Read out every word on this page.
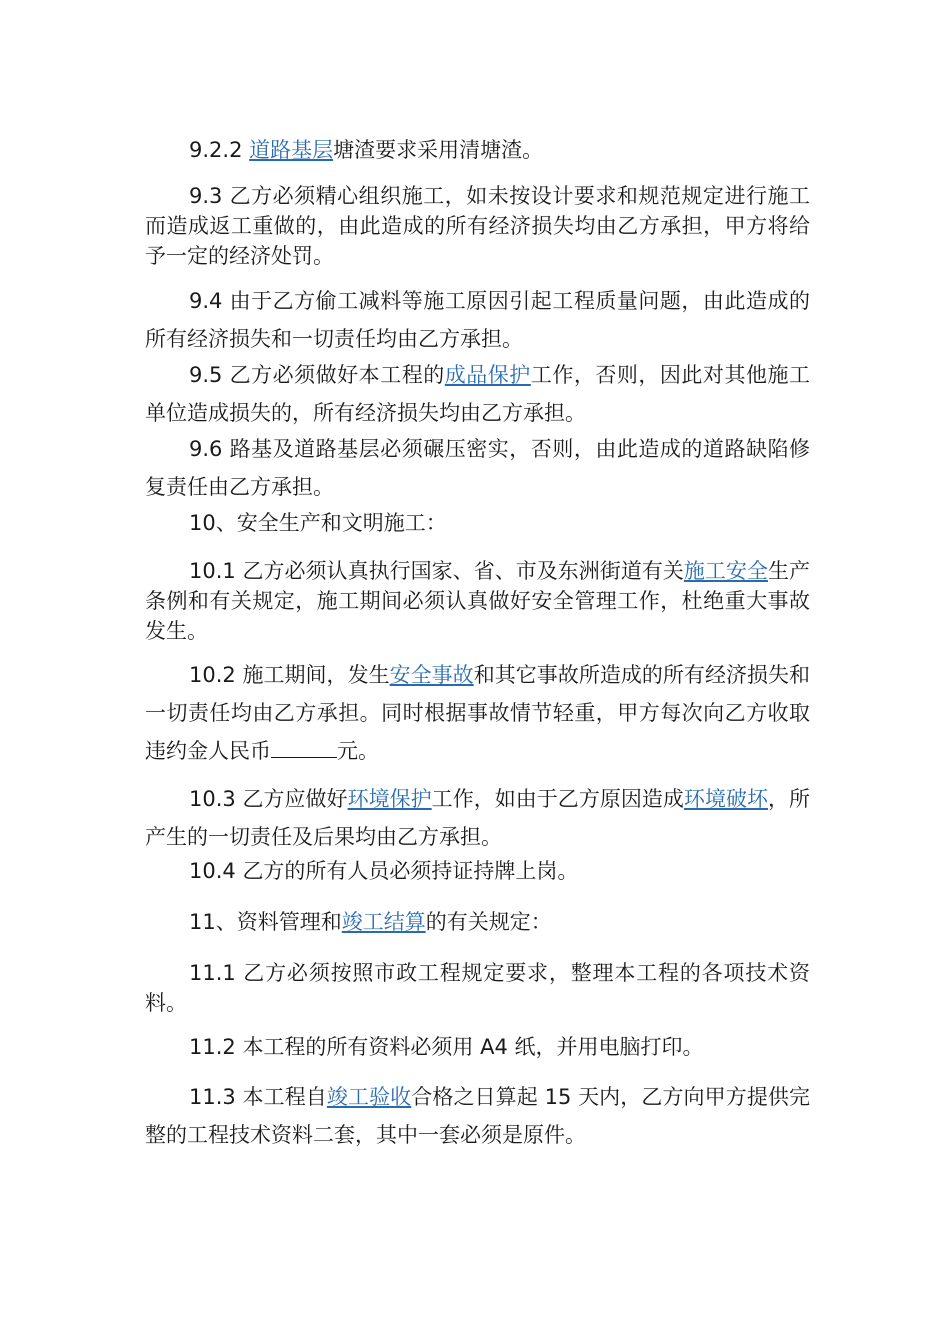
9.2.2 道路基层塘渣要求采用清塘渣。

9.3 乙方必须精心组织施工，如未按设计要求和规范规定进行施工而造成返工重做的，由此造成的所有经济损失均由乙方承担，甲方将给予一定的经济处罚。

9.4 由于乙方偷工减料等施工原因引起工程质量问题，由此造成的所有经济损失和一切责任均由乙方承担。

9.5 乙方必须做好本工程的成品保护工作，否则，因此对其他施工单位造成损失的，所有经济损失均由乙方承担。

9.6 路基及道路基层必须碾压密实，否则，由此造成的道路缺陷修复责任由乙方承担。

10、安全生产和文明施工：

10.1 乙方必须认真执行国家、省、市及东洲街道有关施工安全生产条例和有关规定，施工期间必须认真做好安全管理工作，杜绝重大事故发生。

10.2 施工期间，发生安全事故和其它事故所造成的所有经济损失和一切责任均由乙方承担。同时根据事故情节轻重，甲方每次向乙方收取违约金人民币	元。

10.3 乙方应做好环境保护工作，如由于乙方原因造成环境破坏，所产生的一切责任及后果均由乙方承担。

10.4 乙方的所有人员必须持证持牌上岗。

11、资料管理和竣工结算的有关规定：

11.1 乙方必须按照市政工程规定要求，整理本工程的各项技术资料。

11.2 本工程的所有资料必须用 A4 纸，并用电脑打印。

11.3 本工程自竣工验收合格之日算起 15 天内，乙方向甲方提供完整的工程技术资料二套，其中一套必须是原件。
